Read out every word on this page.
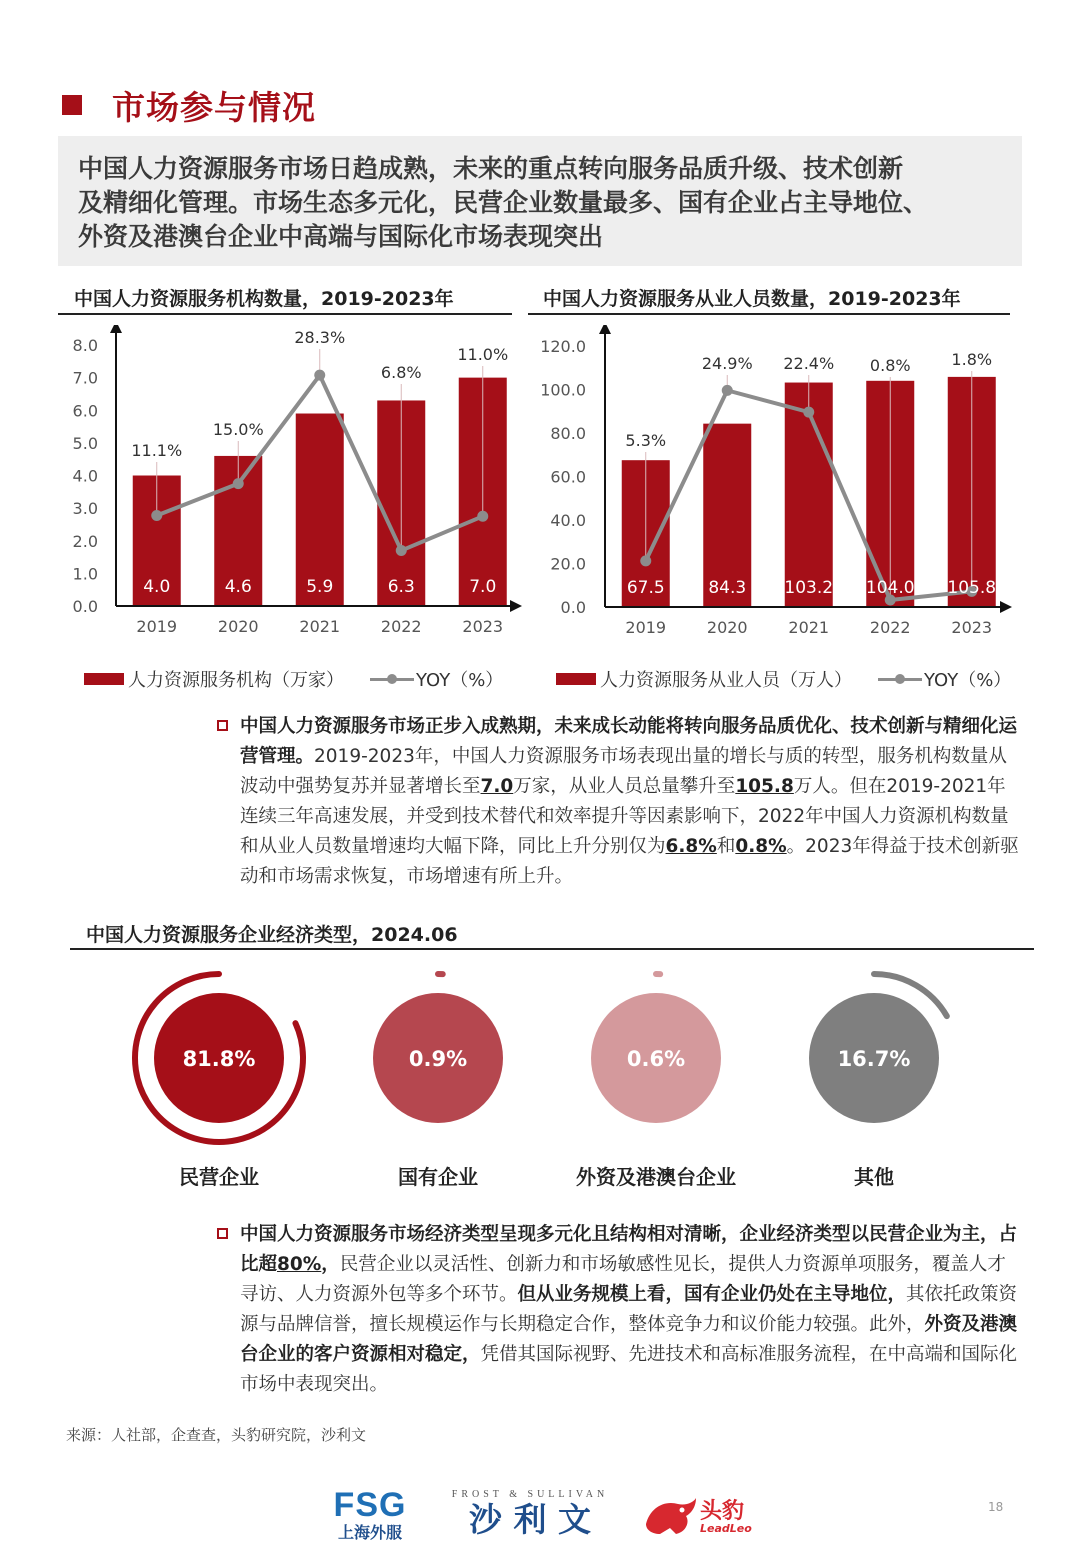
市场参与情况
中国人力资源服务市场日趋成熟，未来的重点转向服务品质升级、技术创新
及精细化管理。市场生态多元化，民营企业数量最多、国有企业占主导地位、
外资及港澳台企业中高端与国际化市场表现突出
中国人力资源服务机构数量，2019-2023年	中国人力资源服务从业人员数量，2019-2023年
8.0
7.0
6.0
5.0
4.0
3.0
2.0
1.0
0.0
11.1%
15.0%
28.3%
6.8%
11.0%
4.0	4.6	5.9	6.3	7.0
2019	2020	2021	2022	2023
120.0
100.0
80.0
60.0
40.0
20.0
0.0
5.3%
24.9% 22.4% 0.8%	1.8%
67.5	84.3 103.2 104.0 105.8
2019	2020	2021	2022	2023
人力资源服务机构（万家）	YOY（%）	人力资源服务从业人员（万人）	YOY（%）
中国人力资源服务市场正步入成熟期，未来成长动能将转向服务品质优化、技术创新与精细化运营管理。2019-2023年，中国人力资源服务市场表现出量的增长与质的转型，服务机构数量从波动中强势复苏并显著增长至7.0万家，从业人员总量攀升至105.8万人。但在2019-2021年连续三年高速发展，并受到技术替代和效率提升等因素影响下，2022年中国人力资源机构数量和从业人员数量增速均大幅下降，同比上升分别仅为6.8%和0.8%。2023年得益于技术创新驱动和市场需求恢复，市场增速有所上升。
中国人力资源服务企业经济类型，2024.06
81.8%
民营企业
0.9%
国有企业
0.6%
外资及港澳台企业
16.7%
其他
中国人力资源服务市场经济类型呈现多元化且结构相对清晰，企业经济类型以民营企业为主，占比超80%，民营企业以灵活性、创新力和市场敏感性见长，提供人力资源单项服务，覆盖人才寻访、人力资源外包等多个环节。但从业务规模上看，国有企业仍处在主导地位，其依托政策资源与品牌信誉，擅长规模运作与长期稳定合作，整体竞争力和议价能力较强。此外，外资及港澳台企业的客户资源相对稳定，凭借其国际视野、先进技术和高标准服务流程，在中高端和国际化市场中表现突出。
来源：人社部，企查查，头豹研究院，沙利文
FSG
上海外服
FROST & SULLIVAN
沙 利 文	头豹
LeadLeo
18
